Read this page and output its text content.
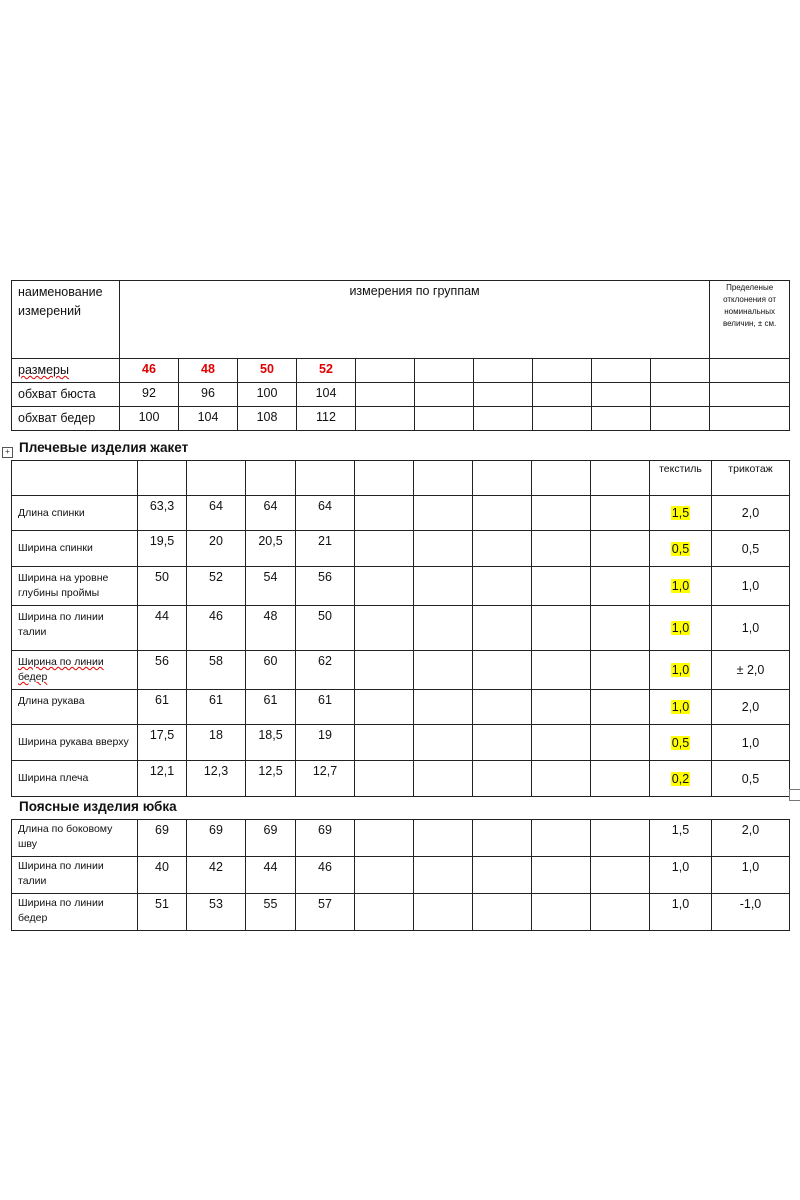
наименование измерений	измерения по группам										Пределеные отклонения от номинальных величин, ± см.
размеры	46	48	50	52							
обхват бюста	92	96	100	104							
обхват бедер	100	104	108	112							
+ Плечевые изделия жакет
										текстиль	трикотаж
Длина спинки	63,3	64	64	64						1,5	2,0
Ширина спинки	19,5	20	20,5	21						0,5	0,5
Ширина на уровне глубины проймы	50	52	54	56						1,0	1,0
Ширина по линии талии	44	46	48	50						1,0	1,0
Ширина по линии бедер	56	58	60	62						1,0	± 2,0
Длина рукава	61	61	61	61						1,0	2,0
Ширина рукава вверху	17,5	18	18,5	19						0,5	1,0
Ширина плеча	12,1	12,3	12,5	12,7						0,2	0,5
Поясные изделия юбка
Длина по боковому шву	69	69	69	69						1,5	2,0
Ширина по линии талии	40	42	44	46						1,0	1,0
Ширина по линии бедер	51	53	55	57						1,0	-1,0
